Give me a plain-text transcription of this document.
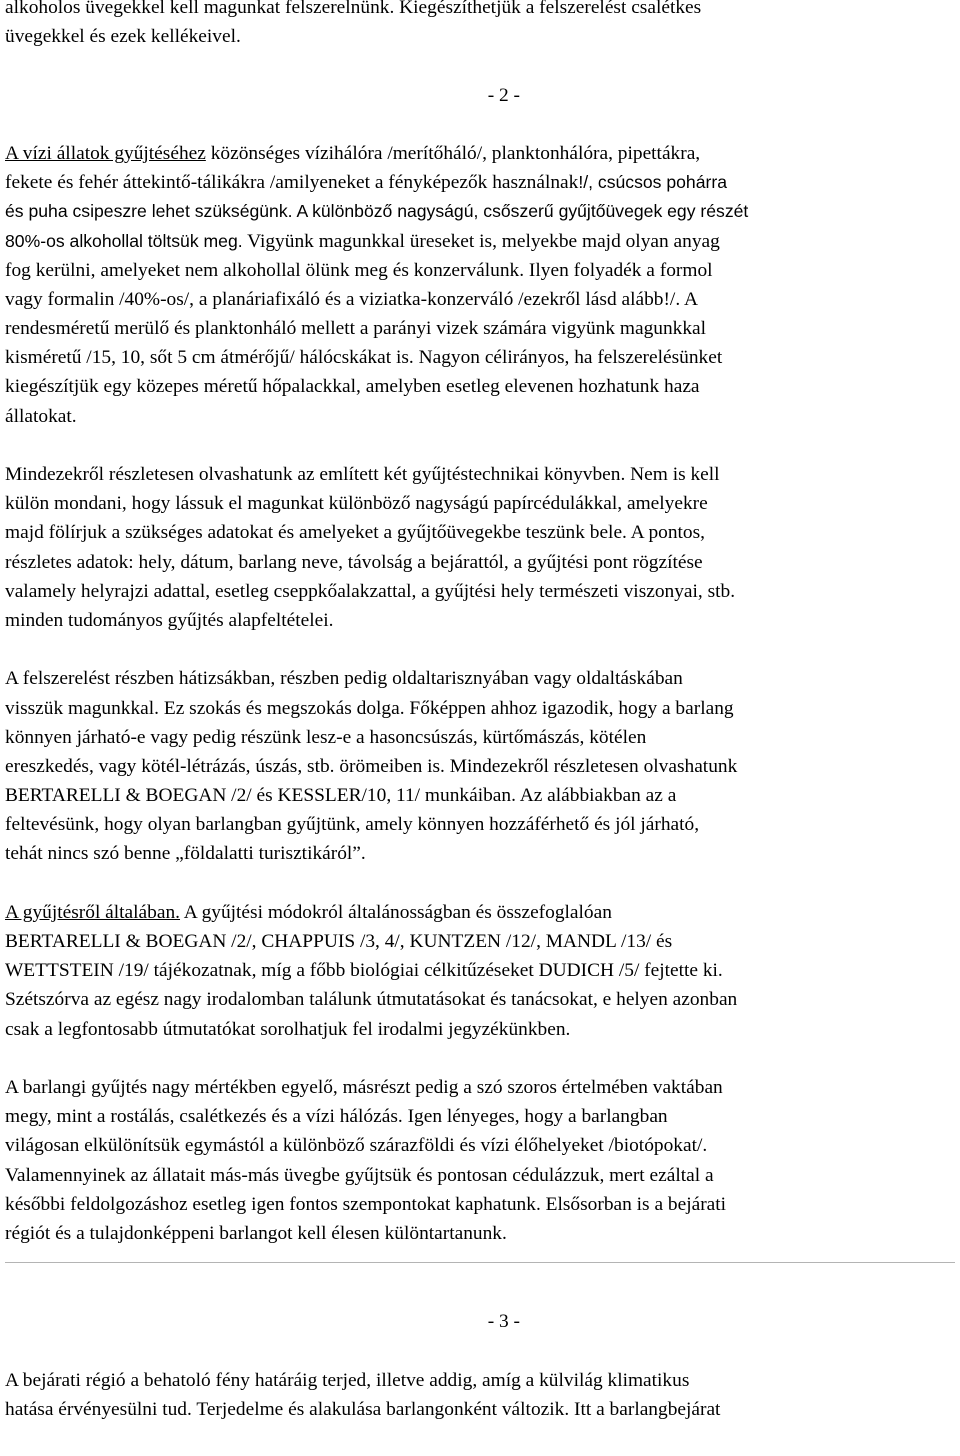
alkoholos üvegekkel kell magunkat felszerelnünk. Kiegészíthetjük a felszerelést csalétkes
üvegekkel és ezek kellékeivel.
- 2 -
A vízi állatok gyűjtéséhez közönséges vízihálóra /merítőháló/, planktonhálóra, pipettákra,
fekete és fehér áttekintő-tálikákra /amilyeneket a fényképezők használnak!/, csúcsos pohárra
és puha csipeszre lehet szükségünk. A különböző nagyságú, csőszerű gyűjtőüvegek egy részét
80%-os alkohollal töltsük meg. Vigyünk magunkkal üreseket is, melyekbe majd olyan anyag
fog kerülni, amelyeket nem alkohollal ölünk meg és konzerválunk. Ilyen folyadék a formol
vagy formalin /40%-os/, a planáriafixáló és a viziatka-konzerváló /ezekről lásd alább!/. A
rendesméretű merülő és planktonháló mellett a parányi vizek számára vigyünk magunkkal
kisméretű /15, 10, sőt 5 cm átmérőjű/ hálócskákat is. Nagyon célirányos, ha felszerelésünket
kiegészítjük egy közepes méretű hőpalackkal, amelyben esetleg elevenen hozhatunk haza
állatokat.
Mindezekről részletesen olvashatunk az említett két gyűjtéstechnikai könyvben. Nem is kell
külön mondani, hogy lássuk el magunkat különböző nagyságú papírcédulákkal, amelyekre
majd fölírjuk a szükséges adatokat és amelyeket a gyűjtőüvegekbe teszünk bele. A pontos,
részletes adatok: hely, dátum, barlang neve, távolság a bejárattól, a gyűjtési pont rögzítése
valamely helyrajzi adattal, esetleg cseppkőalakzattal, a gyűjtési hely természeti viszonyai, stb.
minden tudományos gyűjtés alapfeltételei.
A felszerelést részben hátizsákban, részben pedig oldaltarisznyában vagy oldaltáskában
visszük magunkkal. Ez szokás és megszokás dolga. Főképpen ahhoz igazodik, hogy a barlang
könnyen járható-e vagy pedig részünk lesz-e a hasoncsúszás, kürtőmászás, kötélen
ereszkedés, vagy kötél-létrázás, úszás, stb. örömeiben is. Mindezekről részletesen olvashatunk
BERTARELLI & BOEGAN /2/ és KESSLER/10, 11/ munkáiban. Az alábbiakban az a
feltevésünk, hogy olyan barlangban gyűjtünk, amely könnyen hozzáférhető és jól járható,
tehát nincs szó benne „földalatti turisztikáról”.
A gyűjtésről általában. A gyűjtési módokról általánosságban és összefoglalóan
BERTARELLI & BOEGAN /2/, CHAPPUIS /3, 4/, KUNTZEN /12/, MANDL /13/ és
WETTSTEIN /19/ tájékozatnak, míg a főbb biológiai célkitűzéseket DUDICH /5/ fejtette ki.
Szétszórva az egész nagy irodalomban találunk útmutatásokat és tanácsokat, e helyen azonban
csak a legfontosabb útmutatókat sorolhatjuk fel irodalmi jegyzékünkben.
A barlangi gyűjtés nagy mértékben egyelő, másrészt pedig a szó szoros értelmében vaktában
megy, mint a rostálás, csalétkezés és a vízi hálózás. Igen lényeges, hogy a barlangban
világosan elkülönítsük egymástól a különböző szárazföldi és vízi élőhelyeket /biotópokat/.
Valamennyinek az állatait más-más üvegbe gyűjtsük és pontosan cédulázzuk, mert ezáltal a
későbbi feldolgozáshoz esetleg igen fontos szempontokat kaphatunk. Elsősorban is a bejárati
régiót és a tulajdonképpeni barlangot kell élesen különtartanunk.
- 3 -
A bejárati régió a behatoló fény határáig terjed, illetve addig, amíg a külvilág klimatikus
hatása érvényesülni tud. Terjedelme és alakulása barlangonként változik. Itt a barlangbejárat
